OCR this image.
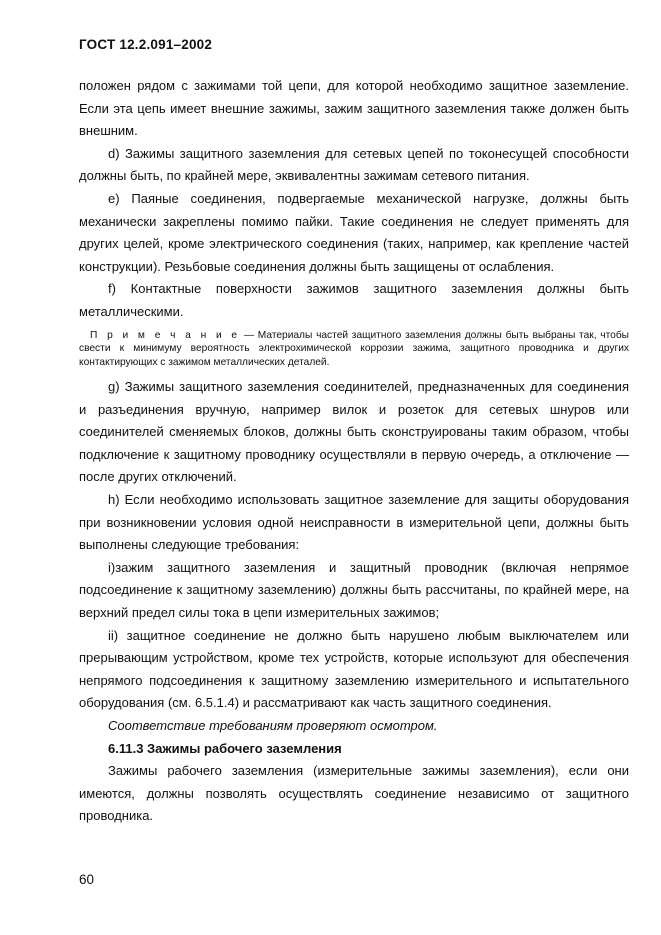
ГОСТ 12.2.091–2002

положен рядом с зажимами той цепи, для которой необходимо защитное заземление. Если эта цепь имеет внешние зажимы, зажим защитного заземления также должен быть внешним.

d) Зажимы защитного заземления для сетевых цепей по токонесущей способности должны быть, по крайней мере, эквивалентны зажимам сетевого питания.

e) Паяные соединения, подвергаемые механической нагрузке, должны быть механически закреплены помимо пайки. Такие соединения не следует применять для других целей, кроме электрического соединения (таких, например, как крепление частей конструкции). Резьбовые соединения должны быть защищены от ослабления.

f) Контактные поверхности зажимов защитного заземления должны быть металлическими.

П р и м е ч а н и е — Материалы частей защитного заземления должны быть выбраны так, чтобы свести к минимуму вероятность электрохимической коррозии зажима, защитного проводника и других контактирующих с зажимом металлических деталей.

g) Зажимы защитного заземления соединителей, предназначенных для соединения и разъединения вручную, например вилок и розеток для сетевых шнуров или соединителей сменяемых блоков, должны быть сконструированы таким образом, чтобы подключение к защитному проводнику осуществляли в первую очередь, а отключение — после других отключений.

h) Если необходимо использовать защитное заземление для защиты оборудования при возникновении условия одной неисправности в измерительной цепи, должны быть выполнены следующие требования:

i)зажим защитного заземления и защитный проводник (включая непрямое подсоединение к защитному заземлению) должны быть рассчитаны, по крайней мере, на верхний предел силы тока в цепи измерительных зажимов;

ii) защитное соединение не должно быть нарушено любым выключателем или прерывающим устройством, кроме тех устройств, которые используют для обеспечения непрямого подсоединения к защитному заземлению измерительного и испытательного оборудования (см. 6.5.1.4) и рассматривают как часть защитного соединения.

Соответствие требованиям проверяют осмотром.

6.11.3 Зажимы рабочего заземления

Зажимы рабочего заземления (измерительные зажимы заземления), если они имеются, должны позволять осуществлять соединение независимо от защитного проводника.

60
